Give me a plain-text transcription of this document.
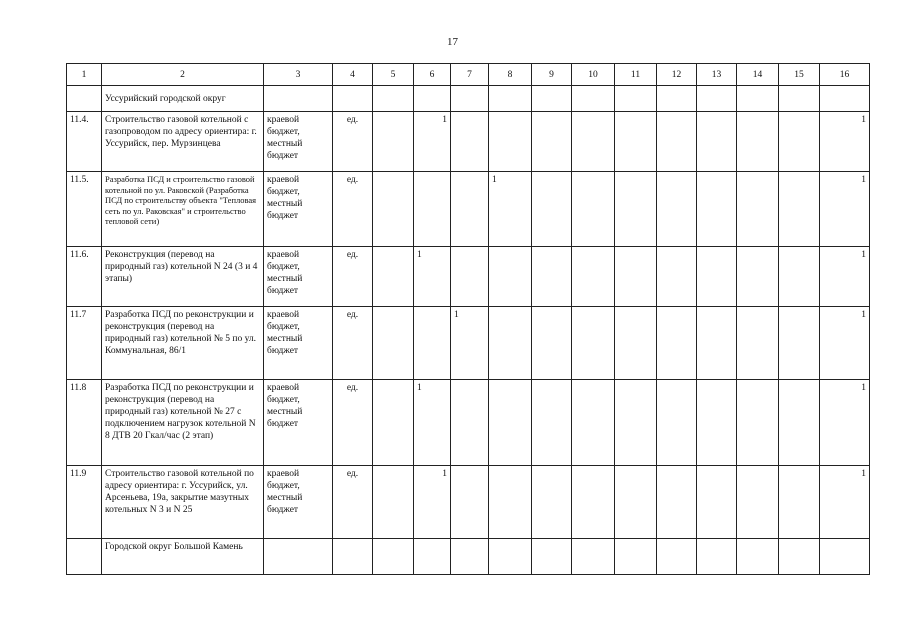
17
1	2	3	4	5	6	7	8	9	10	11	12	13	14	15	16
	Уссурийский городской округ														
11.4.	Строительство газовой котельной с газопроводом по адресу ориентира: г. Уссурийск, пер. Мурзинцева	краевой бюджет, местный бюджет	ед.		1										1
11.5.	Разработка ПСД и строительство газовой котельной по ул. Раковской (Разработка ПСД по строительству объекта "Тепловая сеть по ул. Раковская" и строительство тепловой сети)	краевой бюджет, местный бюджет	ед.				1								1
11.6.	Реконструкция (перевод на природный газ) котельной N 24 (3 и 4 этапы)	краевой бюджет, местный бюджет	ед.		1										1
11.7	Разработка ПСД по реконструкции и реконструкция (перевод на природный газ) котельной № 5 по ул. Коммунальная, 86/1	краевой бюджет, местный бюджет	ед.			1									1
11.8	Разработка ПСД по реконструкции и реконструкция (перевод на природный газ) котельной № 27 с подключением нагрузок котельной N 8 ДТВ 20 Гкал/час (2 этап)	краевой бюджет, местный бюджет	ед.		1										1
11.9	Строительство газовой котельной по адресу ориентира: г. Уссурийск, ул. Арсеньева, 19а, закрытие мазутных котельных N 3 и N 25	краевой бюджет, местный бюджет	ед.		1										1
	Городской округ Большой Камень														
